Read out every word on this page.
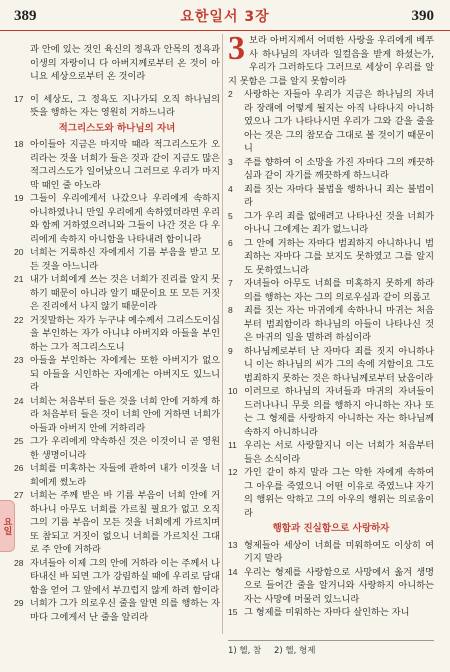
389	요한일서 3장	390
요일

과 안에 있는 것인 육신의 정욕과 안목의 정욕과 이생의 자랑이니 다 아버지께로부터 온 것이 아니요 세상으로부터 온 것이라

17 이 세상도, 그 정욕도 지나가되 오직 하나님의 뜻을 행하는 자는 영원히 거하느니라
적그리스도와 하나님의 자녀
18 아이들아 지금은 마지막 때라 적그리스도가 오리라는 것을 너희가 들은 것과 같이 지금도 많은 적그리스도가 일어났으니 그러므로 우리가 마지막 때인 줄 아노라
19 그들이 우리에게서 나갔으나 우리에게 속하지 아니하였나니 만일 우리에게 속하였더라면 우리와 함께 거하였으려니와 그들이 나간 것은 다 우리에게 속하지 아니함을 나타내려 함이니라
20 너희는 거룩하신 자에게서 기름 부음을 받고 모든 것을 아느니라
21 내가 너희에게 쓰는 것은 너희가 진리를 알지 못하기 때문이 아니라 알기 때문이요 또 모든 거짓은 진리에서 나지 않기 때문이라
22 거짓말하는 자가 누구냐 예수께서 그리스도이심을 부인하는 자가 아니냐 아버지와 아들을 부인하는 그가 적그리스도니
23 아들을 부인하는 자에게는 또한 아버지가 없으되 아들을 시인하는 자에게는 아버지도 있느니라
24 너희는 처음부터 들은 것을 너희 안에 거하게 하라 처음부터 들은 것이 너희 안에 거하면 너희가 아들과 아버지 안에 거하리라
25 그가 우리에게 약속하신 것은 이것이니 곧 영원한 생명이니라
26 너희를 미혹하는 자들에 관하여 내가 이것을 너희에게 썼노라
27 너희는 주께 받은 바 기름 부음이 너희 안에 거하나니 아무도 너희를 가르칠 필요가 없고 오직 그의 기름 부음이 모든 것을 너희에게 가르치며 또 참되고 거짓이 없으니 너희를 가르치신 그대로 주 안에 거하라
28 자녀들아 이제 그의 안에 거하라 이는 주께서 나타내신 바 되면 그가 강림하실 때에 우리로 담대함을 얻어 그 앞에서 부끄럽지 않게 하려 함이라
29 너희가 그가 의로우신 줄을 알면 의를 행하는 자마다 그에게서 난 줄을 알리라

3 보라 아버지께서 어떠한 사랑을 우리에게 베푸사 하나님의 자녀라 일컬음을 받게 하셨는가, 우리가 그러하도다 그러므로 세상이 우리를 알지 못함은 그를 알지 못함이라

2	사랑하는 자들아 우리가 지금은 하나님의 자녀라 장래에 어떻게 될지는 아직 나타나지 아니하였으나 그가 나타나시면 우리가 그와 같을 줄을 아는 것은 그의 참모습 그대로 볼 것이기 때문이니
3	주를 향하여 이 소망을 가진 자마다 그의 깨끗하심과 같이 자기를 깨끗하게 하느니라
4	죄를 짓는 자마다 불법을 행하나니 죄는 불법이라
5	그가 우리 죄를 없애려고 나타나신 것을 너희가 아나니 그에게는 죄가 없느니라
6	그 안에 거하는 자마다 범죄하지 아니하나니 범죄하는 자마다 그를 보지도 못하였고 그를 알지도 못하였느니라
7	자녀들아 아무도 너희를 미혹하지 못하게 하라 의를 행하는 자는 그의 의로우심과 같이 의롭고
8	죄를 짓는 자는 마귀에게 속하나니 마귀는 처음부터 범죄함이라 하나님의 아들이 나타나신 것은 마귀의 일을 멸하려 하심이라
9	하나님께로부터 난 자마다 죄를 짓지 아니하나니 이는 하나님의 씨가 그의 속에 거함이요 그도 범죄하지 못하는 것은 하나님께로부터 났음이라
10 이러므로 하나님의 자녀들과 마귀의 자녀들이 드러나나니 무릇 의를 행하지 아니하는 자나 또는 그 형제를 사랑하지 아니하는 자는 하나님께 속하지 아니하니라
11 우리는 서로 사랑할지니 이는 너희가 처음부터 들은 소식이라
12 가인 같이 하지 말라 그는 악한 자에게 속하여 그 아우를 죽였으니 어떤 이유로 죽였느냐 자기의 행위는 악하고 그의 아우의 행위는 의로움이라
행함과 진실함으로 사랑하자
13 형제들아 세상이 너희를 미워하여도 이상히 여기지 말라
14 우리는 형제를 사랑함으로 사망에서 옮겨 생명으로 들어간 줄을 알거니와 사랑하지 아니하는 자는 사망에 머물러 있느니라
15 그 형제를 미워하는 자마다 살인하는 자니
1) 헬, 참 2) 헬, 형제
